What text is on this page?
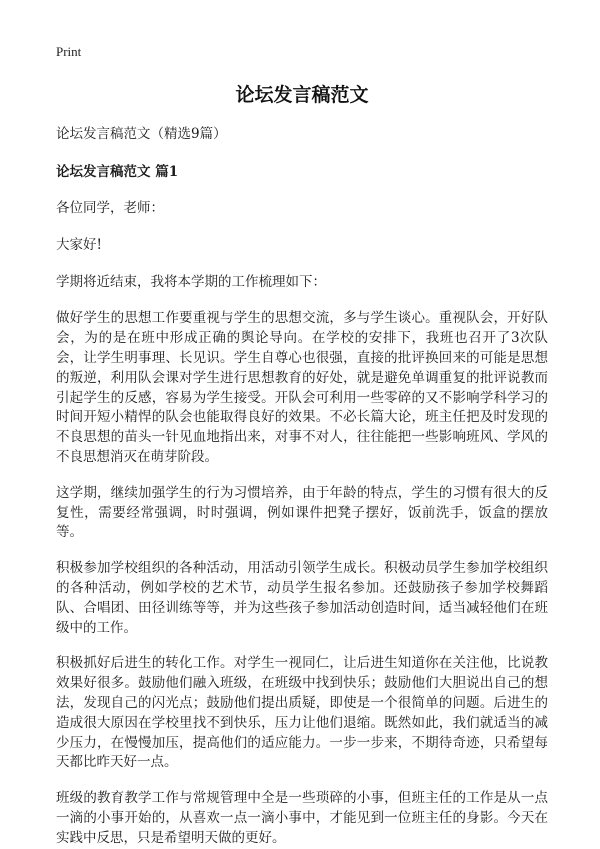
Print
论坛发言稿范文

论坛发言稿范文（精选9篇）

论坛发言稿范文 篇1

各位同学，老师：

大家好!

学期将近结束，我将本学期的工作梳理如下：

做好学生的思想工作要重视与学生的思想交流，多与学生谈心。重视队会，开好队会，为的是在班中形成正确的舆论导向。在学校的安排下，我班也召开了3次队会，让学生明事理、长见识。学生自尊心也很强，直接的批评换回来的可能是思想的叛逆，利用队会课对学生进行思想教育的好处，就是避免单调重复的批评说教而引起学生的反感，容易为学生接受。开队会可利用一些零碎的又不影响学科学习的时间开短小精悍的队会也能取得良好的效果。不必长篇大论，班主任把及时发现的不良思想的苗头一针见血地指出来，对事不对人，往往能把一些影响班风、学风的不良思想消灭在萌芽阶段。

这学期，继续加强学生的行为习惯培养，由于年龄的特点，学生的习惯有很大的反复性，需要经常强调，时时强调，例如课件把凳子摆好，饭前洗手，饭盒的摆放等。

积极参加学校组织的各种活动，用活动引领学生成长。积极动员学生参加学校组织的各种活动，例如学校的艺术节，动员学生报名参加。还鼓励孩子参加学校舞蹈队、合唱团、田径训练等等，并为这些孩子参加活动创造时间，适当减轻他们在班级中的工作。

积极抓好后进生的转化工作。对学生一视同仁，让后进生知道你在关注他，比说教效果好很多。鼓励他们融入班级，在班级中找到快乐；鼓励他们大胆说出自己的想法，发现自己的闪光点；鼓励他们提出质疑，即使是一个很简单的问题。后进生的造成很大原因在学校里找不到快乐，压力让他们退缩。既然如此，我们就适当的减少压力，在慢慢加压，提高他们的适应能力。一步一步来，不期待奇迹，只希望每天都比昨天好一点。

班级的教育教学工作与常规管理中全是一些琐碎的小事，但班主任的工作是从一点一滴的小事开始的，从喜欢一点一滴小事中，才能见到一位班主任的身影。今天在实践中反思，只是希望明天做的更好。
